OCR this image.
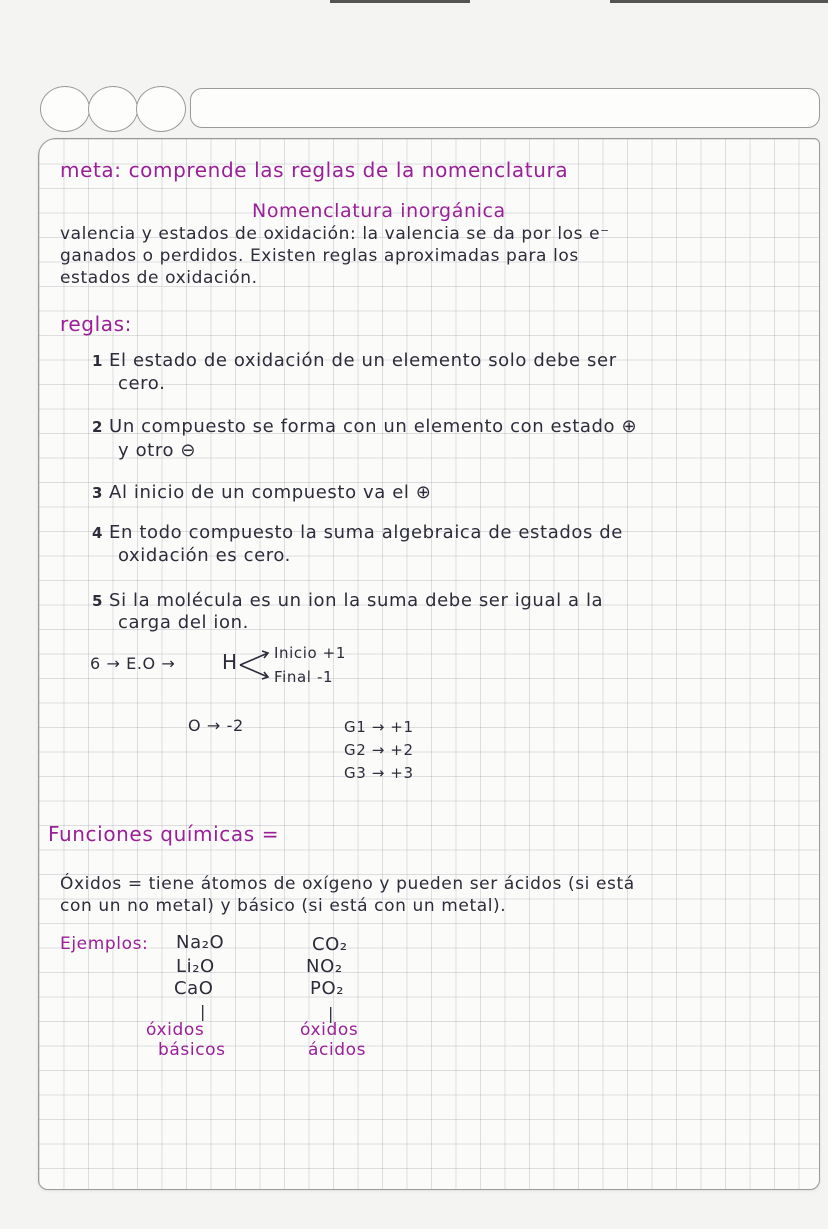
meta: comprende las reglas de la nomenclatura
Nomenclatura inorgánica
valencia y estados de oxidación: la valencia se da por los e⁻
ganados o perdidos. Existen reglas aproximadas para los
estados de oxidación.
reglas:
1 El estado de oxidación de un elemento solo debe ser
cero.
2 Un compuesto se forma con un elemento con estado ⊕
y otro ⊖
3 Al inicio de un compuesto va el ⊕
4 En todo compuesto la suma algebraica de estados de
oxidación es cero.
5 Si la molécula es un ion la suma debe ser igual a la
carga del ion.
6 → E.O → H Inicio +1
Final -1
O → -2	G1 → +1
G2 → +2
G3 → +3
Funciones químicas =
Óxidos = tiene átomos de oxígeno y pueden ser ácidos (si está
con un no metal) y básico (si está con un metal).
Ejemplos: Na₂O
Li₂O
CaO
|
óxidos
básicos
CO₂
NO₂
PO₂
|
óxidos
ácidos
